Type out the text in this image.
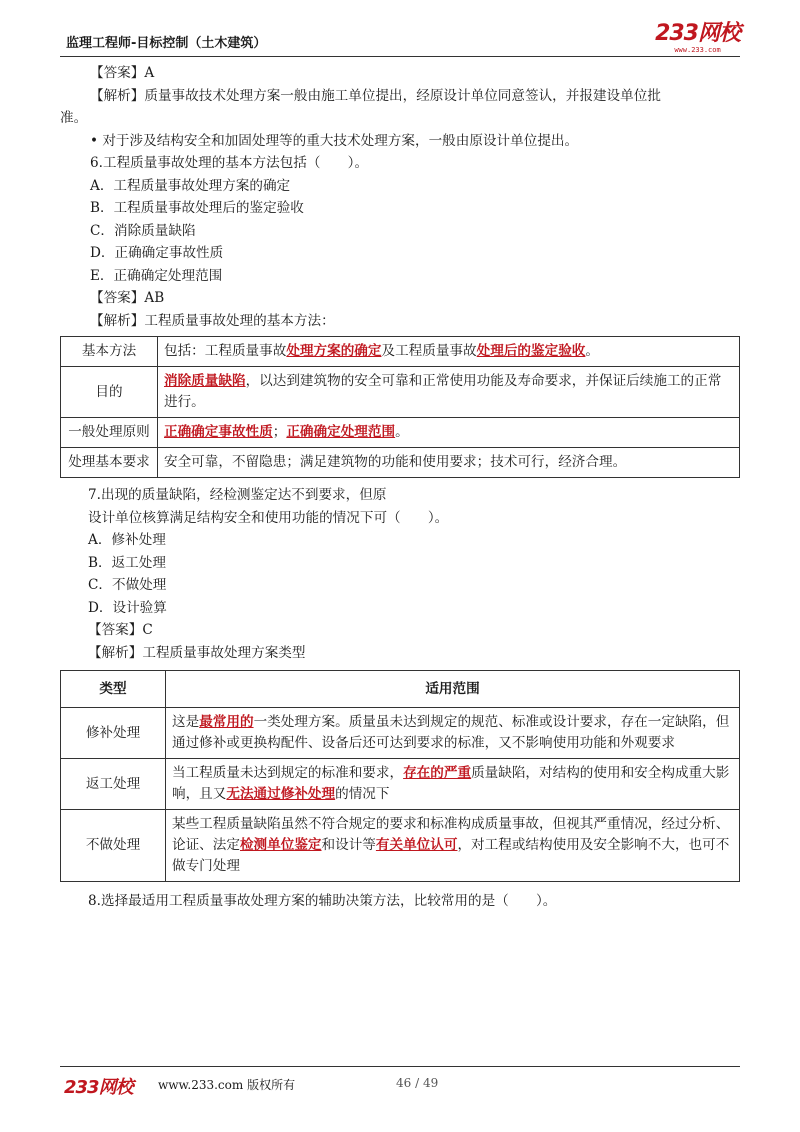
监理工程师-目标控制（土木建筑）	233网校
www.233.com
【答案】A
【解析】质量事故技术处理方案一般由施工单位提出，经原设计单位同意签认，并报建设单位批
准。
• 对于涉及结构安全和加固处理等的重大技术处理方案，一般由原设计单位提出。
6.工程质量事故处理的基本方法包括（　　）。
A．工程质量事故处理方案的确定
B．工程质量事故处理后的鉴定验收
C．消除质量缺陷
D．正确确定事故性质
E．正确确定处理范围
【答案】AB
【解析】工程质量事故处理的基本方法：
基本方法	包括：工程质量事故处理方案的确定及工程质量事故处理后的鉴定验收。
目的	消除质量缺陷，以达到建筑物的安全可靠和正常使用功能及寿命要求，并保证后续施工的正常进行。
一般处理原则	正确确定事故性质；正确确定处理范围。
处理基本要求	安全可靠，不留隐患；满足建筑物的功能和使用要求；技术可行，经济合理。
7.出现的质量缺陷，经检测鉴定达不到要求，但原
设计单位核算满足结构安全和使用功能的情况下可（　　）。
A．修补处理
B．返工处理
C．不做处理
D．设计验算
【答案】C
【解析】工程质量事故处理方案类型
类型	适用范围
修补处理	这是最常用的一类处理方案。质量虽未达到规定的规范、标准或设计要求，存在一定缺陷，但通过修补或更换构配件、设备后还可达到要求的标准，又不影响使用功能和外观要求
返工处理	当工程质量未达到规定的标准和要求，存在的严重质量缺陷，对结构的使用和安全构成重大影响，且又无法通过修补处理的情况下
不做处理	某些工程质量缺陷虽然不符合规定的要求和标准构成质量事故，但视其严重情况，经过分析、论证、法定检测单位鉴定和设计等有关单位认可，对工程或结构使用及安全影响不大，也可不做专门处理
8.选择最适用工程质量事故处理方案的辅助决策方法，比较常用的是（　　）。
233网校 www.233.com 版权所有	46 / 49
